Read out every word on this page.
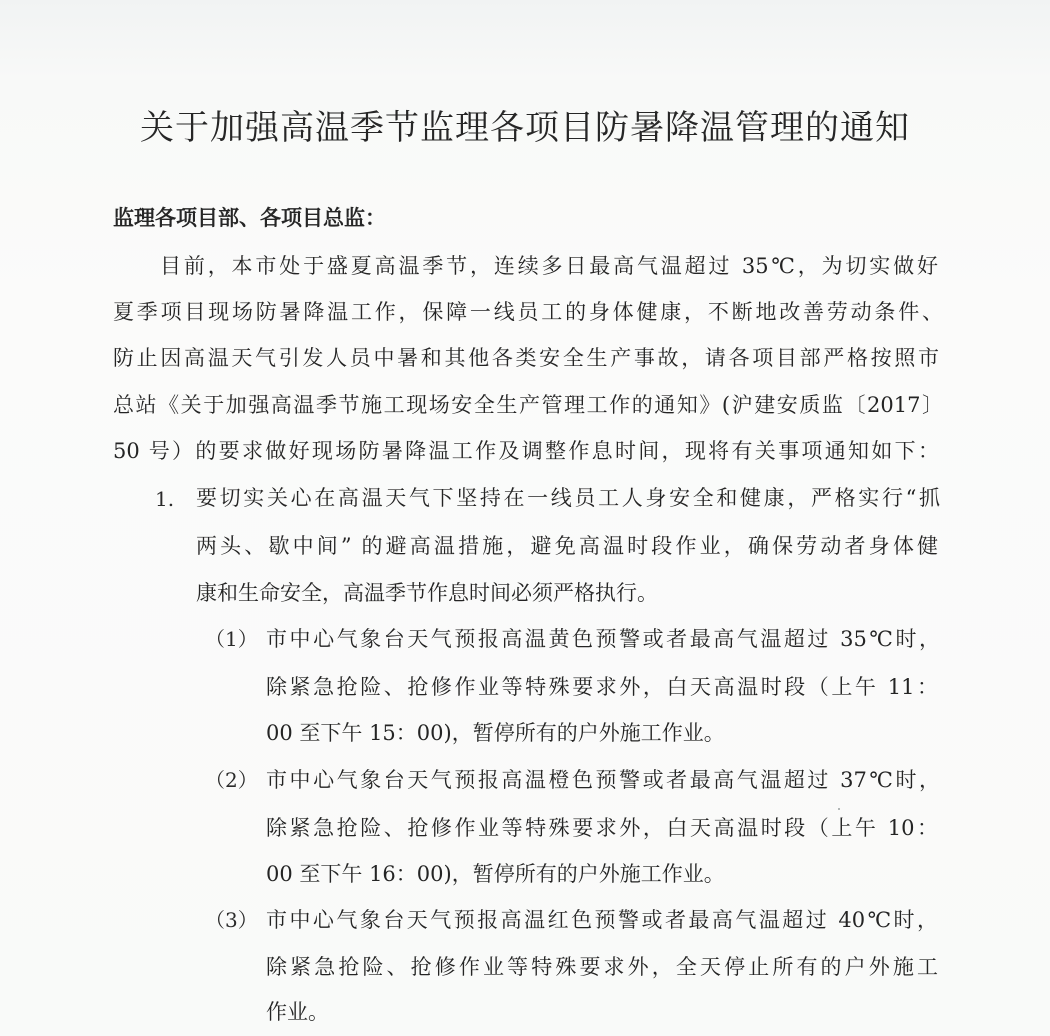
关于加强高温季节监理各项目防暑降温管理的通知
监理各项目部、各项目总监：
目前，本市处于盛夏高温季节，连续多日最高气温超过 35℃，为切实做好
夏季项目现场防暑降温工作，保障一线员工的身体健康，不断地改善劳动条件、
防止因高温天气引发人员中暑和其他各类安全生产事故，请各项目部严格按照市
总站《关于加强高温季节施工现场安全生产管理工作的通知》(沪建安质监〔2017〕
50 号）的要求做好现场防暑降温工作及调整作息时间，现将有关事项通知如下：
1. 要切实关心在高温天气下坚持在一线员工人身安全和健康，严格实行“抓
两头、歇中间” 的避高温措施，避免高温时段作业，确保劳动者身体健
康和生命安全，高温季节作息时间必须严格执行。
（1） 市中心气象台天气预报高温黄色预警或者最高气温超过 35℃时，
除紧急抢险、抢修作业等特殊要求外，白天高温时段（上午 11：
00 至下午 15：00)，暂停所有的户外施工作业。
（2） 市中心气象台天气预报高温橙色预警或者最高气温超过 37℃时，
除紧急抢险、抢修作业等特殊要求外，白天高温时段（上午 10：
00 至下午 16：00)，暂停所有的户外施工作业。
（3） 市中心气象台天气预报高温红色预警或者最高气温超过 40℃时，
除紧急抢险、抢修作业等特殊要求外，全天停止所有的户外施工
作业。
